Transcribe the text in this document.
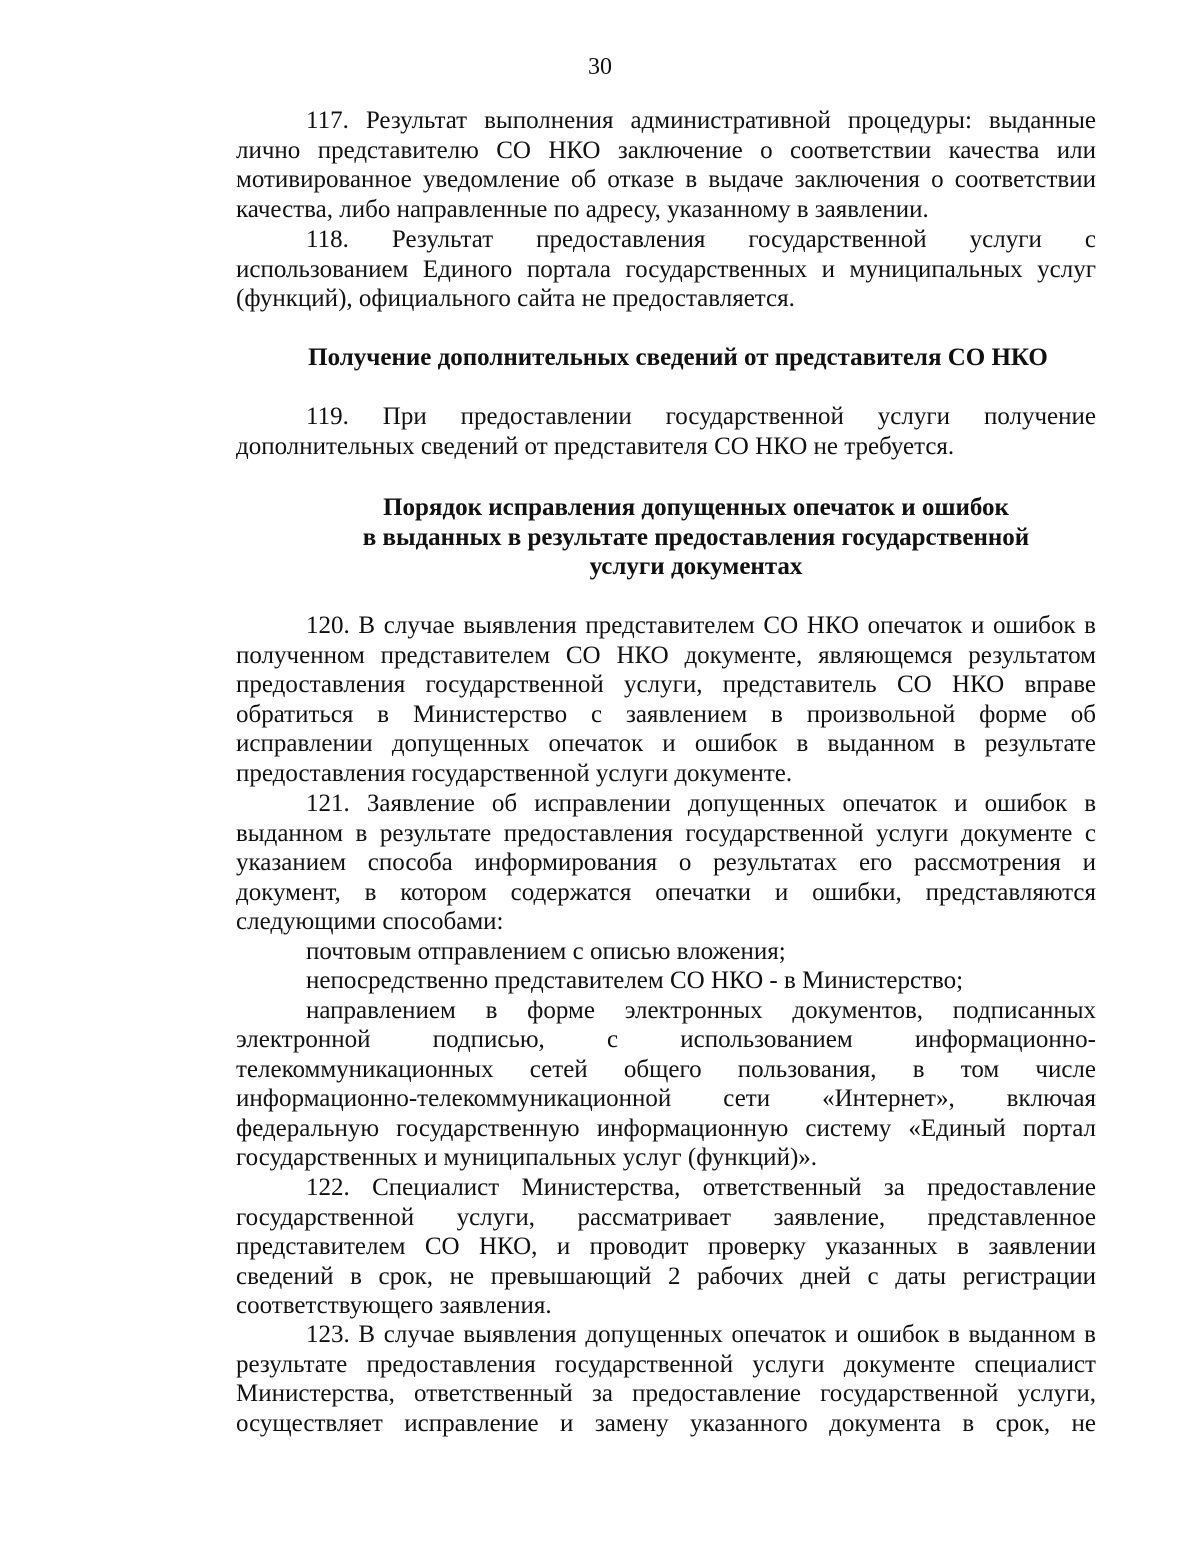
30

117. Результат выполнения административной процедуры: выданные

лично представителю СО НКО заключение о соответствии качества или

мотивированное уведомление об отказе в выдаче заключения о соответствии

качества, либо направленные по адресу, указанному в заявлении.

118. Результат предоставления государственной услуги с

использованием Единого портала государственных и муниципальных услуг

(функций), официального сайта не предоставляется.

Получение дополнительных сведений от представителя СО НКО

119. При предоставлении государственной услуги получение

дополнительных сведений от представителя СО НКО не требуется.

Порядок исправления допущенных опечаток и ошибок
в выданных в результате предоставления государственной
услуги документах

120. В случае выявления представителем СО НКО опечаток и ошибок в

полученном представителем СО НКО документе, являющемся результатом

предоставления государственной услуги, представитель СО НКО вправе

обратиться в Министерство с заявлением в произвольной форме об

исправлении допущенных опечаток и ошибок в выданном в результате

предоставления государственной услуги документе.

121. Заявление об исправлении допущенных опечаток и ошибок в

выданном в результате предоставления государственной услуги документе с

указанием способа информирования о результатах его рассмотрения и

документ, в котором содержатся опечатки и ошибки, представляются

следующими способами:

почтовым отправлением с описью вложения;

непосредственно представителем СО НКО - в Министерство;

направлением в форме электронных документов, подписанных

электронной подписью, с использованием информационно-

телекоммуникационных сетей общего пользования, в том числе

информационно-телекоммуникационной сети «Интернет», включая

федеральную государственную информационную систему «Единый портал

государственных и муниципальных услуг (функций)».

122. Специалист Министерства, ответственный за предоставление

государственной услуги, рассматривает заявление, представленное

представителем СО НКО, и проводит проверку указанных в заявлении

сведений в срок, не превышающий 2 рабочих дней с даты регистрации

соответствующего заявления.

123. В случае выявления допущенных опечаток и ошибок в выданном в

результате предоставления государственной услуги документе специалист

Министерства, ответственный за предоставление государственной услуги,

осуществляет исправление и замену указанного документа в срок, не
